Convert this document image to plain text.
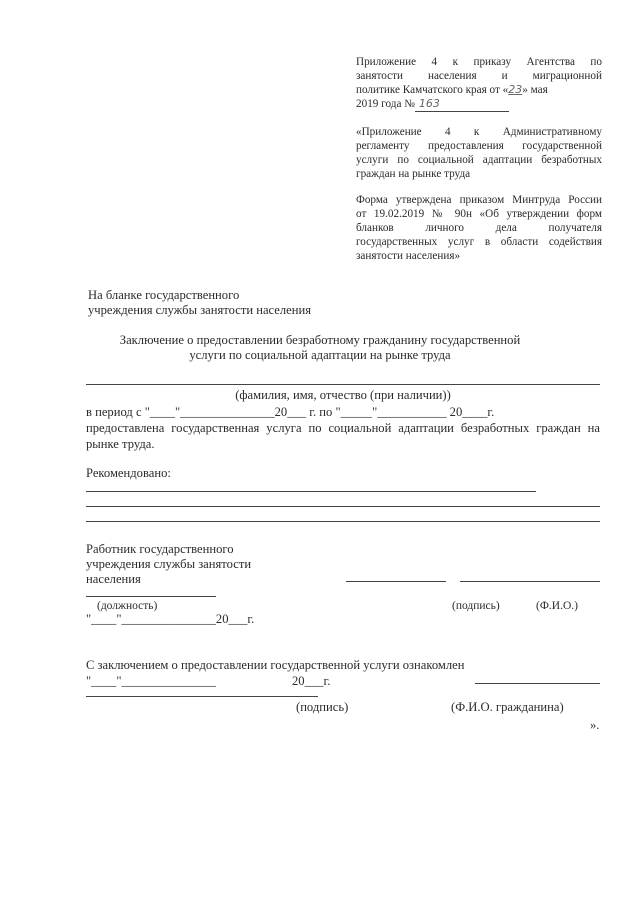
Приложение 4 к приказу Агентства по
занятости населения и миграционной
политике Камчатского края от «23» мая
2019 года № 163
«Приложение 4 к Административному
регламенту предоставления государственной
услуги по социальной адаптации безработных
граждан на рынке труда
Форма утверждена приказом Минтруда России
от 19.02.2019 № 90н «Об утверждении форм
бланков личного дела получателя
государственных услуг в области содействия
занятости населения»
На бланке государственного
учреждения службы занятости населения
Заключение о предоставлении безработному гражданину государственной
услуги по социальной адаптации на рынке труда
(фамилия, имя, отчество (при наличии))
в период с "____"_______________20___ г. по "_____"___________ 20____г.
предоставлена государственная услуга по социальной адаптации безработных граждан на
рынке труда.
Рекомендовано:
Работник государственного
учреждения службы занятости
населения
(должность)	(подпись)	(Ф.И.О.)
"____"_______________20___г.
С заключением о предоставлении государственной услуги ознакомлен
"____"_______________	20___г.
(подпись)	(Ф.И.О. гражданина)
».
